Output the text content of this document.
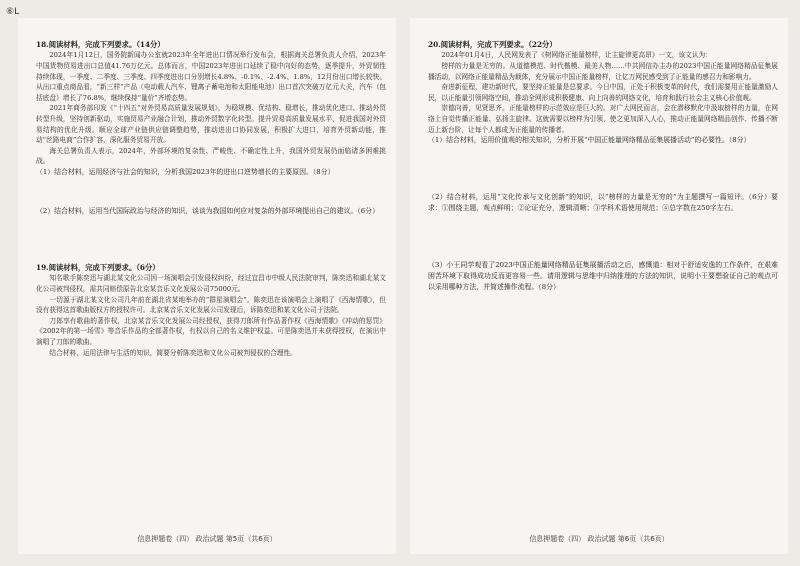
⑥L

18.阅读材料，完成下列要求。（14分）

2024年1月12日，国务院新闻办公室就2023年全年进出口情况举行发布会，根据海关总署负责人介绍，2023年中国货物贸易进出口总值41.76万亿元。总体而言，中国2023年进出口延续了稳中向好的态势，逐季提升，外贸韧性持续体现，一季度、二季度、三季度、四季度进出口分别增长4.8%、-0.1%、-2.4%、1.8%，12月份出口增长较快。从出口重点商品看，“新三样”产品（电动载人汽车、锂离子蓄电池和太阳能电池）出口首次突破万亿元大关，汽车（包括底盘）增长了76.8%，继续保持“量价”齐增态势。

2021年商务部印发《“十四五”对外贸易高质量发展规划》，为稳规模、优结构、稳增长，推动优化进口、推动外贸转型升级，坚持创新驱动，实施贸易产业融合计划，推动外贸数字化转型。提升贸易高质量发展水平，促进我国对外贸易结构的优化升级。顺应全球产业链供应链调整趋势，推动进出口协同发展，积极扩大进口，培育外贸新动能，推动“丝路电商”合作扩容，深化服务贸易开放。

海关总署负责人表示，2024年，外部环境的复杂性、严峻性、不确定性上升，我国外贸发展仍面临诸多困难挑战。

（1）结合材料，运用经济与社会的知识，分析我国2023年的进出口逆势增长的主要原因。（8分）

（2）结合材料，运用当代国际政治与经济的知识，谈谈为我国如何应对复杂的外部环境提出自己的建议。（6分）

19.阅读材料，完成下列要求。（6分）

知名歌手陈奕迅与湖北某文化公司因一场演唱会引发侵权纠纷，经过宜昌市中级人民法院审判，陈奕迅和湖北某文化公司被判侵权，需共同赔偿原告北京某音乐文化发展公司75000元。

一切源于湖北某文化公司几年前在湖北省某地举办的“群星演唱会”。陈奕迅在该演唱会上演唱了《西海情歌》，但没有获得这首歌曲版权方的授权许可。北京某音乐文化发展公司发现后，诉陈奕迅和某文化公司于法院。

刀郎享有歌曲的著作权，北京某音乐文化发展公司经授权，获得刀郎所有作品著作权《西海情歌》《冲动的惩罚》《2002年的第一场雪》等音乐作品的全部著作权，有权以自己的名义维护权益。可是陈奕迅并未获得授权，在演出中演唱了刀郎的歌曲。

结合材料，运用法律与生活的知识，简要分析陈奕迅和文化公司被判侵权的合理性。

信息押题卷（四） 政治试题 第5页（共6页）

20.阅读材料，完成下列要求。（22分）

2024年01月4日，人民网发表了《树网络正能量榜样，让主旋律更高昂》一文，该文认为：

榜样的力量是无穷的。从道德模范、时代楷模、最美人物……中共网信办主办的2023中国正能量网络精品征集展播活动，以网络正能量精品为载体，充分展示中国正能量榜样，让亿万网民感受到了正能量的感召力和影响力。

奋进新征程，建功新时代，要坚持正能量是总要求。今日中国，正处于积极变革的时代，我们需要用正能量激励人民，以正能量引领网络空间，推动全网形成积极健康、向上向善的网络文化，培育和践行社会主义核心价值观。

崇德向善，见贤思齐。正能量榜样的示范效应是巨大的。对广大网民而言，会在潜移默化中汲取榜样的力量，在网络上自觉传播正能量、弘扬主旋律。这就需要以榜样为引领，使之更加深入人心，推动正能量网络精品创作、传播不断迈上新台阶，让每个人都成为正能量的传播者。

（1）结合材料，运用价值观的相关知识，分析开展“中国正能量网络精品征集展播活动”的必要性。（8分）

（2）结合材料，运用“文化传承与文化创新”的知识，以“榜样的力量是无穷的”为主题撰写一篇短评。（6分）要求：①围绕主题，观点鲜明；②论证充分，逻辑清晰；③学科术语使用规范；④总字数在250字左右。

（3）小王同学观看了2023中国正能量网络精品征集展播活动之后，感慨道：相对于舒适安逸的工作条件，在艰难困苦环境下取得成功反而更容易一些。请用逻辑与思维中归纳推理的方法的知识，说明小王要想验证自己的观点可以采用哪种方法，并简述操作流程。（8分）

信息押题卷（四） 政治试题 第6页（共6页）
